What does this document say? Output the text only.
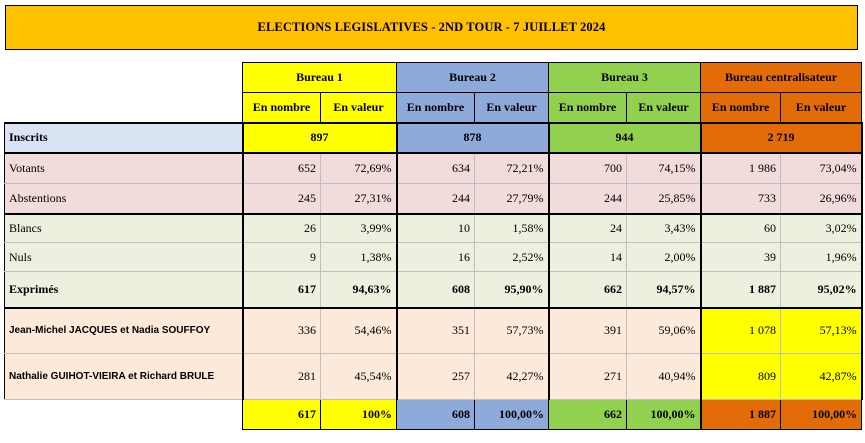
ELECTIONS LEGISLATIVES - 2ND TOUR - 7 JUILLET 2024
	Bureau 1		Bureau 2		Bureau 3		Bureau centralisateur	
	En nombre	En valeur	En nombre	En valeur	En nombre	En valeur	En nombre	En valeur
Inscrits	897		878		944		2 719	
Votants	652	72,69%	634	72,21%	700	74,15%	1 986	73,04%
Abstentions	245	27,31%	244	27,79%	244	25,85%	733	26,96%
Blancs	26	3,99%	10	1,58%	24	3,43%	60	3,02%
Nuls	9	1,38%	16	2,52%	14	2,00%	39	1,96%
Exprimés	617	94,63%	608	95,90%	662	94,57%	1 887	95,02%
Jean-Michel JACQUES et Nadia SOUFFOY	336	54,46%	351	57,73%	391	59,06%	1 078	57,13%
Nathalie GUIHOT-VIEIRA et Richard BRULE	281	45,54%	257	42,27%	271	40,94%	809	42,87%
	617	100%	608	100,00%	662	100,00%	1 887	100,00%
